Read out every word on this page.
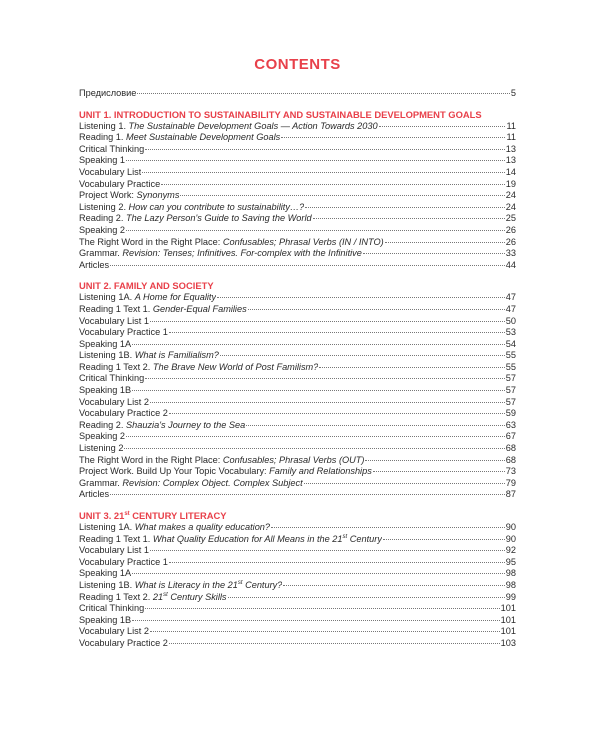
CONTENTS
Предисловие	5
UNIT 1. INTRODUCTION TO SUSTAINABILITY AND SUSTAINABLE DEVELOPMENT GOALS
Listening 1. The Sustainable Development Goals — Action Towards 2030	11
Reading 1. Meet Sustainable Development Goals	11
Critical Thinking	13
Speaking 1	13
Vocabulary List	14
Vocabulary Practice	19
Project Work: Synonyms	24
Listening 2. How can you contribute to sustainability…?	24
Reading 2. The Lazy Person's Guide to Saving the World	25
Speaking 2	26
The Right Word in the Right Place: Confusables; Phrasal Verbs (IN / INTO)	26
Grammar. Revision: Tenses; Infinitives. For-complex with the Infinitive	33
Articles	44
UNIT 2. FAMILY AND SOCIETY
Listening 1A. A Home for Equality	47
Reading 1 Text 1. Gender-Equal Families	47
Vocabulary List 1	50
Vocabulary Practice 1	53
Speaking 1A	54
Listening 1B. What is Familialism?	55
Reading 1 Text 2. The Brave New World of Post Familism?	55
Critical Thinking	57
Speaking 1B	57
Vocabulary List 2	57
Vocabulary Practice 2	59
Reading 2. Shauzia's Journey to the Sea	63
Speaking 2	67
Listening 2	68
The Right Word in the Right Place: Confusables; Phrasal Verbs (OUT)	68
Project Work. Build Up Your Topic Vocabulary: Family and Relationships	73
Grammar. Revision: Complex Object. Complex Subject	79
Articles	87
UNIT 3. 21st CENTURY LITERACY
Listening 1A. What makes a quality education?	90
Reading 1 Text 1. What Quality Education for All Means in the 21st Century	90
Vocabulary List 1	92
Vocabulary Practice 1	95
Speaking 1A	98
Listening 1B. What is Literacy in the 21st Century?	98
Reading 1 Text 2. 21st Century Skills	99
Critical Thinking	101
Speaking 1B	101
Vocabulary List 2	101
Vocabulary Practice 2	103
